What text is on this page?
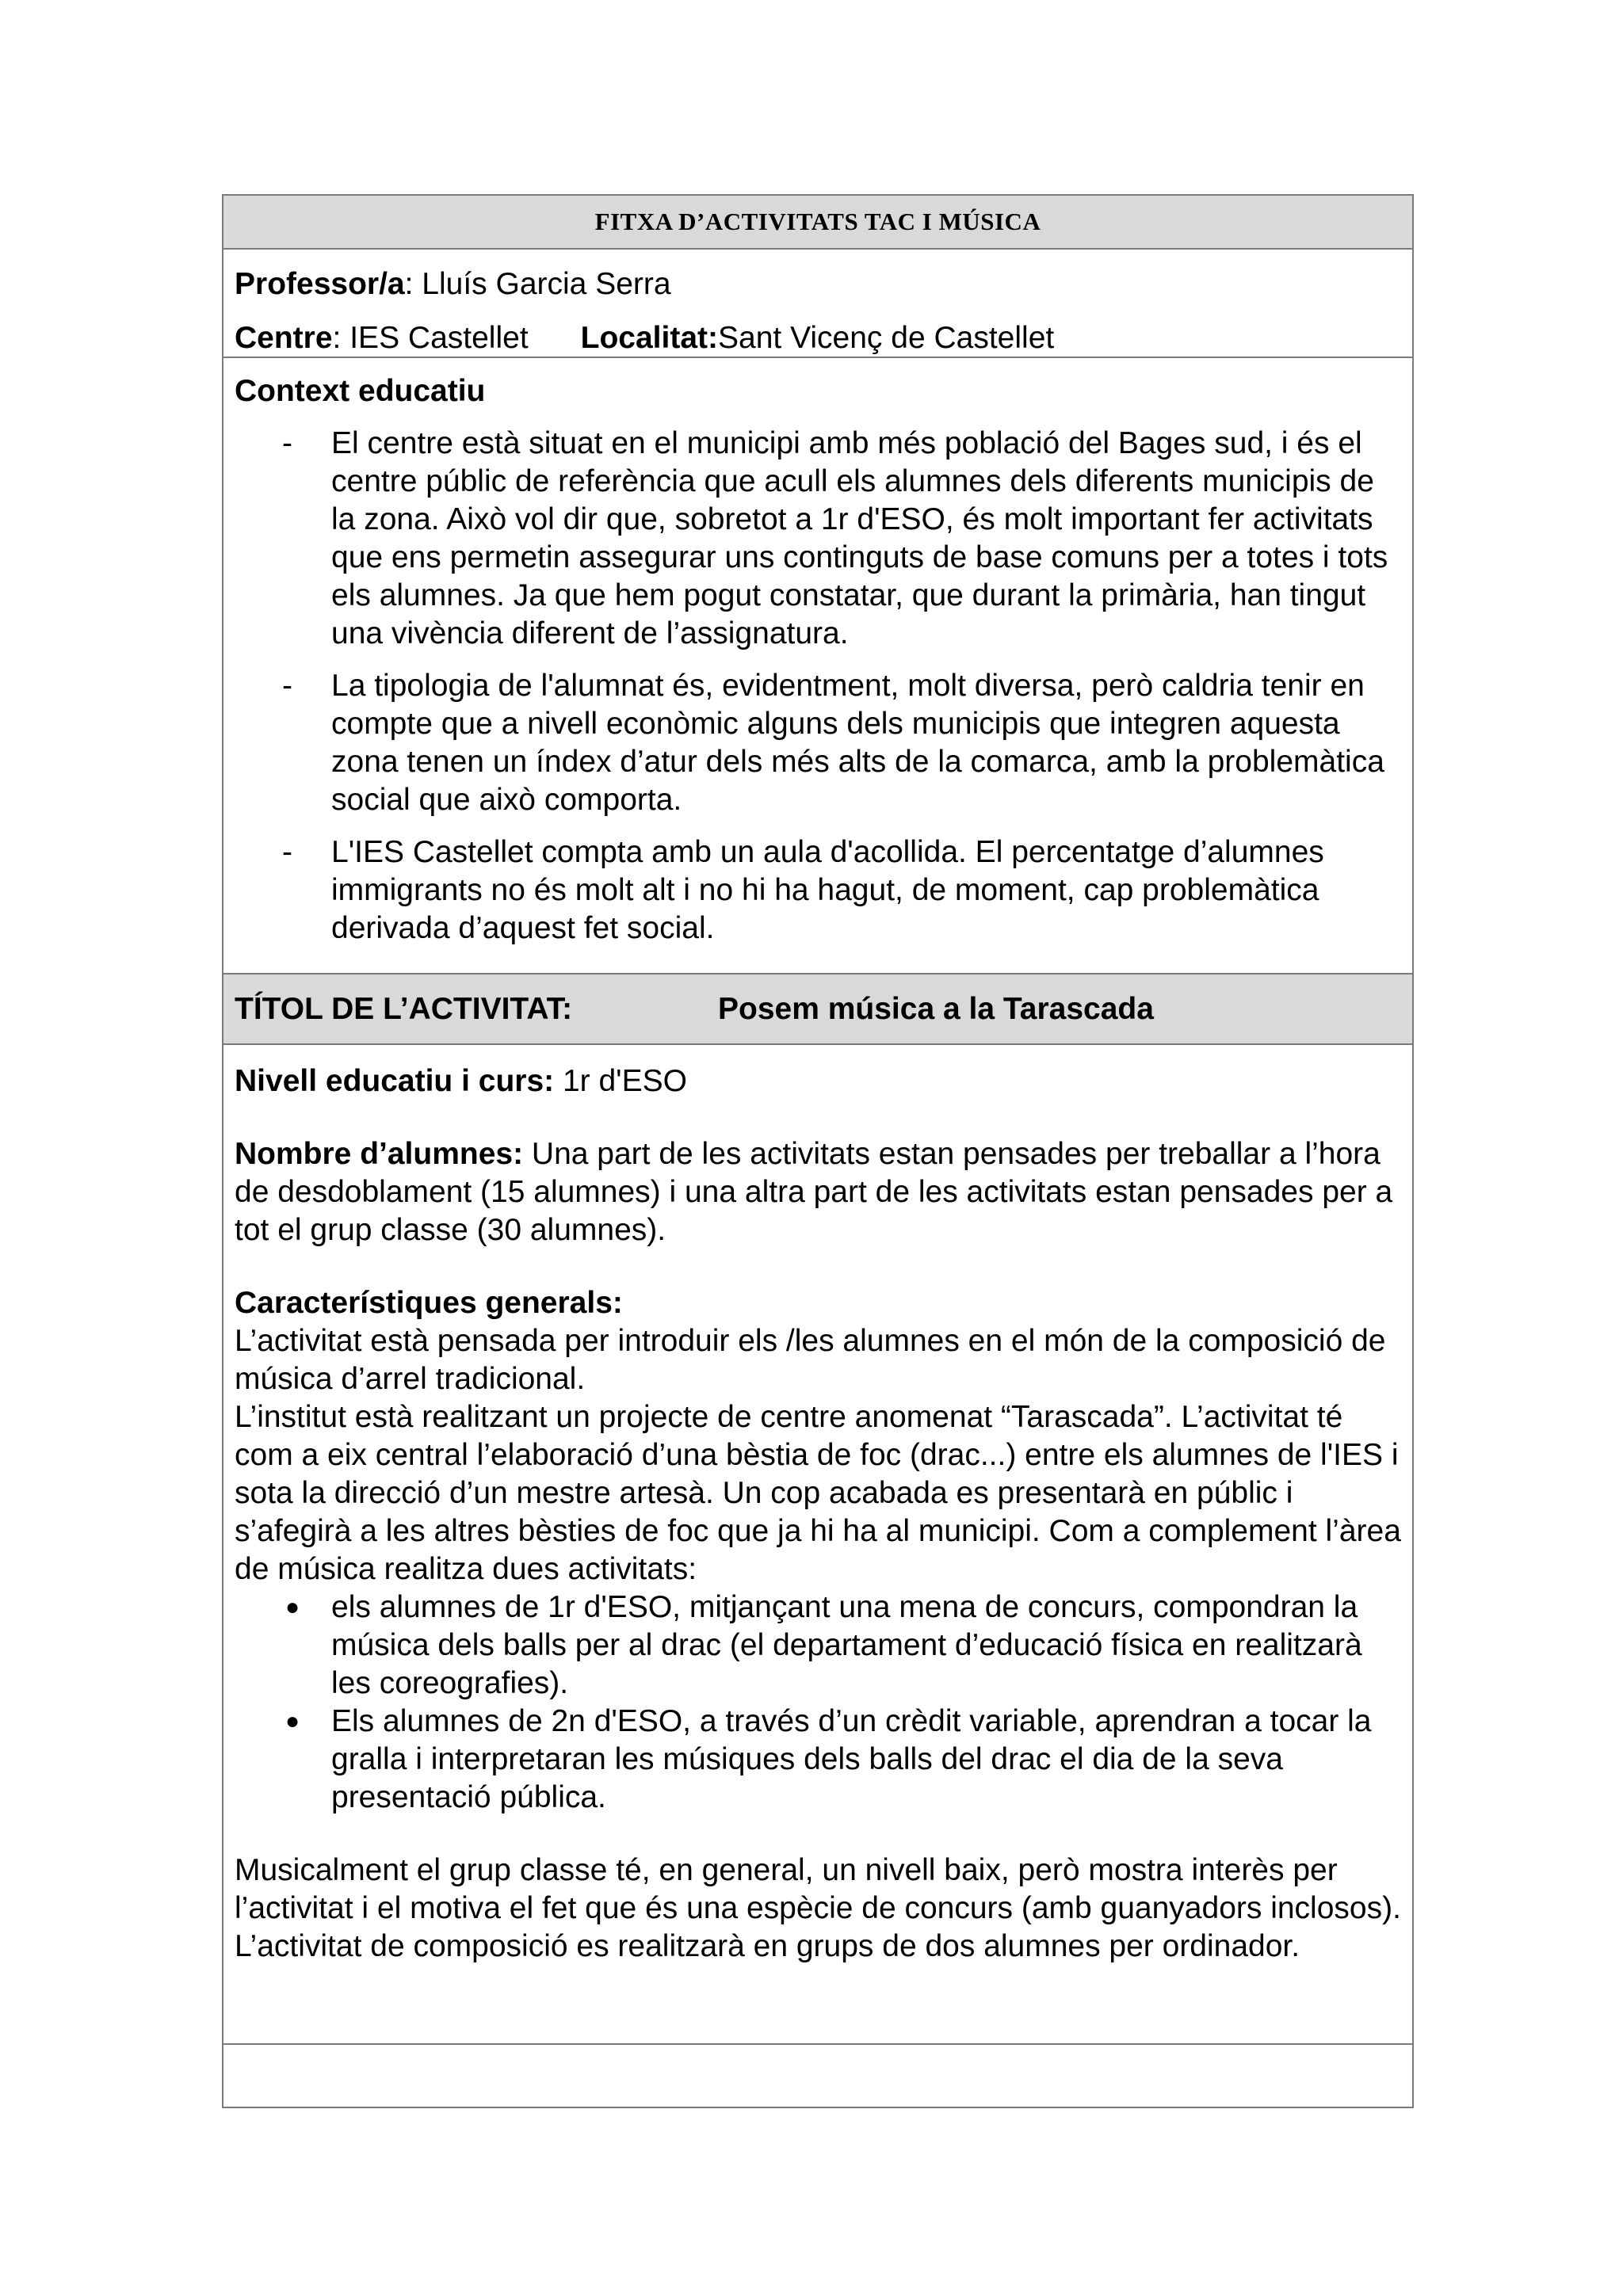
FITXA D’ACTIVITATS TAC I MÚSICA
Professor/a : Lluís Garcia Serra
Centre : IES Castellet Localitat: Sant Vicenç de Castellet
Context educatiu
- El centre està situat en el municipi amb més població del Bages sud, i és el centre públic de referència que acull els alumnes dels diferents municipis de la zona. Això vol dir que, sobretot a 1r d'ESO, és molt important fer activitats que ens permetin assegurar uns continguts de base comuns per a totes i tots els alumnes. Ja que hem pogut constatar, que durant la primària, han tingut una vivència diferent de l’assignatura.
- La tipologia de l'alumnat és, evidentment, molt diversa, però caldria tenir en compte que a nivell econòmic alguns dels municipis que integren aquesta zona tenen un índex d’atur dels més alts de la comarca, amb la problemàtica social que això comporta.
- L'IES Castellet compta amb un aula d'acollida. El percentatge d’alumnes immigrants no és molt alt i no hi ha hagut, de moment, cap problemàtica derivada d’aquest fet social.
TÍTOL DE L’ACTIVITAT:	Posem música a la Tarascada
Nivell educatiu i curs: 1r d'ESO
Nombre d’alumnes: Una part de les activitats estan pensades per treballar a l’hora de desdoblament (15 alumnes) i una altra part de les activitats estan pensades per a tot el grup classe (30 alumnes).
Característiques generals:
L’activitat està pensada per introduir els /les alumnes en el món de la composició de música d’arrel tradicional.
L’institut està realitzant un projecte de centre anomenat “Tarascada”. L’activitat té com a eix central l’elaboració d’una bèstia de foc (drac...) entre els alumnes de l'IES i sota la direcció d’un mestre artesà. Un cop acabada es presentarà en públic i s’afegirà a les altres bèsties de foc que ja hi ha al municipi. Com a complement l’àrea de música realitza dues activitats:
● els alumnes de 1r d'ESO, mitjançant una mena de concurs, compondran la música dels balls per al drac (el departament d’educació física en realitzarà les coreografies).
● Els alumnes de 2n d'ESO, a través d’un crèdit variable, aprendran a tocar la gralla i interpretaran les músiques dels balls del drac el dia de la seva presentació pública.
Musicalment el grup classe té, en general, un nivell baix, però mostra interès per l’activitat i el motiva el fet que és una espècie de concurs (amb guanyadors inclosos).
L’activitat de composició es realitzarà en grups de dos alumnes per ordinador.
